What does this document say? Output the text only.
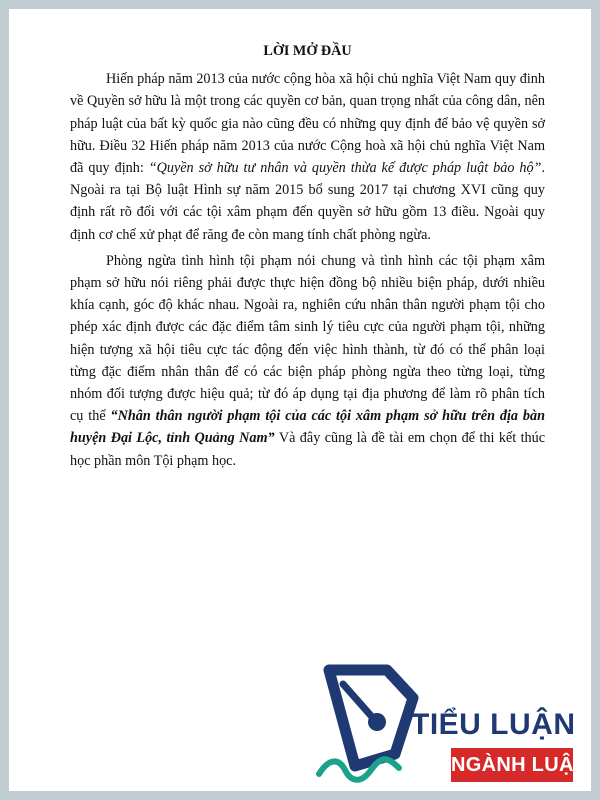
LỜI MỞ ĐẦU

Hiến pháp năm 2013 của nước cộng hòa xã hội chủ nghĩa Việt Nam quy đinh về Quyền sở hữu là một trong các quyền cơ bản, quan trọng nhất của công dân, nên pháp luật của bất kỳ quốc gia nào cũng đều có những quy định để bảo vệ quyền sở hữu. Điều 32 Hiến pháp năm 2013 của nước Cộng hoà xã hội chủ nghĩa Việt Nam đã quy định: “Quyền sở hữu tư nhân và quyền thừa kế được pháp luật bảo hộ”. Ngoài ra tại Bộ luật Hình sự năm 2015 bổ sung 2017 tại chương XVI cũng quy định rất rõ đối với các tội xâm phạm đến quyền sở hữu gồm 13 điều. Ngoài quy định cơ chế xử phạt để răng đe còn mang tính chất phòng ngừa.

Phòng ngừa tình hình tội phạm nói chung và tình hình các tội phạm xâm phạm sở hữu nói riêng phải được thực hiện đồng bộ nhiều biện pháp, dưới nhiều khía cạnh, góc độ khác nhau. Ngoài ra, nghiên cứu nhân thân người phạm tội cho phép xác định được các đặc điểm tâm sinh lý tiêu cực của người phạm tội, những hiện tượng xã hội tiêu cực tác động đến việc hình thành, từ đó có thể phân loại từng đặc điểm nhân thân để có các biện pháp phòng ngừa theo từng loại, từng nhóm đối tượng được hiệu quả; từ đó áp dụng tại địa phương để làm rõ phân tích cụ thể “Nhân thân người phạm tội của các tội xâm phạm sở hữu trên địa bàn huyện Đại Lộc, tỉnh Quảng Nam” Và đây cũng là đề tài em chọn để thi kết thúc học phần môn Tội phạm học.

TIỂU LUẬN
NGÀNH LUẬT
